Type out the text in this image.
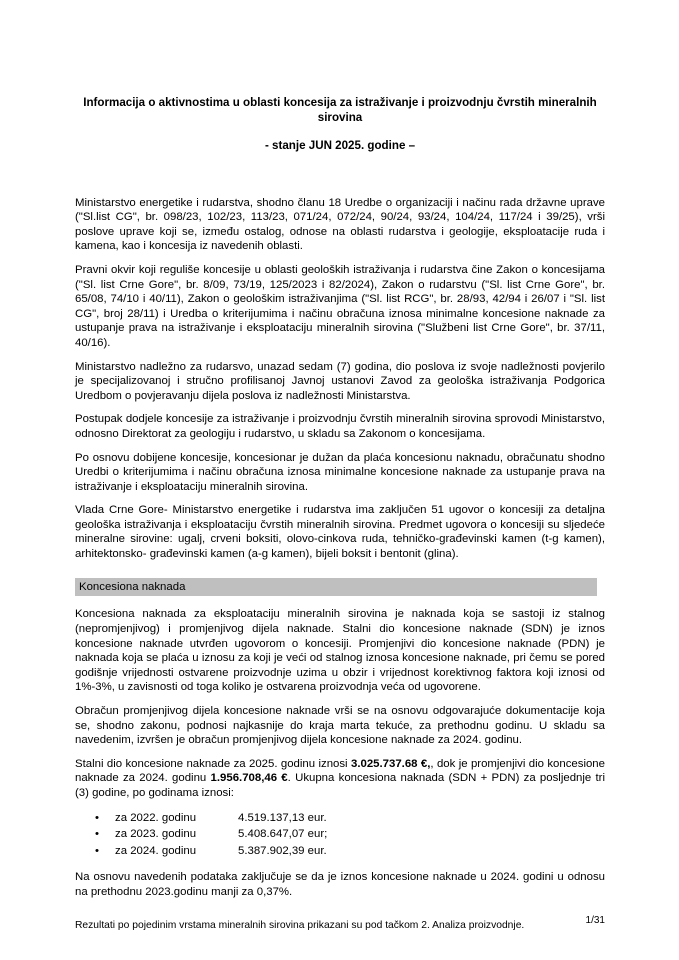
Informacija o aktivnostima u oblasti koncesija za istraživanje i proizvodnju čvrstih mineralnih sirovina

- stanje JUN 2025. godine –

Ministarstvo energetike i rudarstva, shodno članu 18 Uredbe o organizaciji i načinu rada državne uprave ("Sl.list CG", br. 098/23, 102/23, 113/23, 071/24, 072/24, 90/24, 93/24, 104/24, 117/24 i 39/25), vrši poslove uprave koji se, između ostalog, odnose na oblasti rudarstva i geologije, eksploatacije ruda i kamena, kao i koncesija iz navedenih oblasti.

Pravni okvir koji reguliše koncesije u oblasti geoloških istraživanja i rudarstva čine Zakon o koncesijama ("Sl. list Crne Gore", br. 8/09, 73/19, 125/2023 i 82/2024), Zakon o rudarstvu ("Sl. list Crne Gore", br. 65/08, 74/10 i 40/11), Zakon o geološkim istraživanjima ("Sl. list RCG", br. 28/93, 42/94 i 26/07 i "Sl. list CG", broj 28/11) i Uredba o kriterijumima i načinu obračuna iznosa minimalne koncesione naknade za ustupanje prava na istraživanje i eksploataciju mineralnih sirovina ("Službeni list Crne Gore", br. 37/11, 40/16).

Ministarstvo nadležno za rudarsvo, unazad sedam (7) godina, dio poslova iz svoje nadležnosti povjerilo je specijalizovanoj i stručno profilisanoj Javnoj ustanovi Zavod za geološka istraživanja Podgorica Uredbom o povjeravanju dijela poslova iz nadležnosti Ministarstva.

Postupak dodjele koncesije za istraživanje i proizvodnju čvrstih mineralnih sirovina sprovodi Ministarstvo, odnosno Direktorat za geologiju i rudarstvo, u skladu sa Zakonom o koncesijama.

Po osnovu dobijene koncesije, koncesionar je dužan da plaća koncesionu naknadu, obračunatu shodno Uredbi o kriterijumima i načinu obračuna iznosa minimalne koncesione naknade za ustupanje prava na istraživanje i eksploataciju mineralnih sirovina.

Vlada Crne Gore- Ministarstvo energetike i rudarstva ima zaključen 51 ugovor o koncesiji za detaljna geološka istraživanja i eksploataciju čvrstih mineralnih sirovina. Predmet ugovora o koncesiji su sljedeće mineralne sirovine: ugalj, crveni boksiti, olovo-cinkova ruda, tehničko-građevinski kamen (t-g kamen), arhitektonsko- građevinski kamen (a-g kamen), bijeli boksit i bentonit (glina).

Koncesiona naknada

Koncesiona naknada za eksploataciju mineralnih sirovina je naknada koja se sastoji iz stalnog (nepromjenjivog) i promjenjivog dijela naknade. Stalni dio koncesione naknade (SDN) je iznos koncesione naknade utvrđen ugovorom o koncesiji. Promjenjivi dio koncesione naknade (PDN) je naknada koja se plaća u iznosu za koji je veći od stalnog iznosa koncesione naknade, pri čemu se pored godišnje vrijednosti ostvarene proizvodnje uzima u obzir i vrijednost korektivnog faktora koji iznosi od 1%-3%, u zavisnosti od toga koliko je ostvarena proizvodnja veća od ugovorene.

Obračun promjenjivog dijela koncesione naknade vrši se na osnovu odgovarajuće dokumentacije koja se, shodno zakonu, podnosi najkasnije do kraja marta tekuće, za prethodnu godinu. U skladu sa navedenim, izvršen je obračun promjenjivog dijela koncesione naknade za 2024. godinu.

Stalni dio koncesione naknade za 2025. godinu iznosi 3.025.737.68 €,, dok je promjenjivi dio koncesione naknade za 2024. godinu 1.956.708,46 €. Ukupna koncesiona naknada (SDN + PDN) za posljednje tri (3) godine, po godinama iznosi:

•	za 2022. godinu	4.519.137,13 eur.
•	za 2023. godinu	5.408.647,07 eur;
•	za 2024. godinu	5.387.902,39 eur.

Na osnovu navedenih podataka zaključuje se da je iznos koncesione naknade u 2024. godini u odnosu na prethodnu 2023.godinu manji za 0,37%.

Rezultati po pojedinim vrstama mineralnih sirovina prikazani su pod tačkom 2. Analiza proizvodnje.	1/31
